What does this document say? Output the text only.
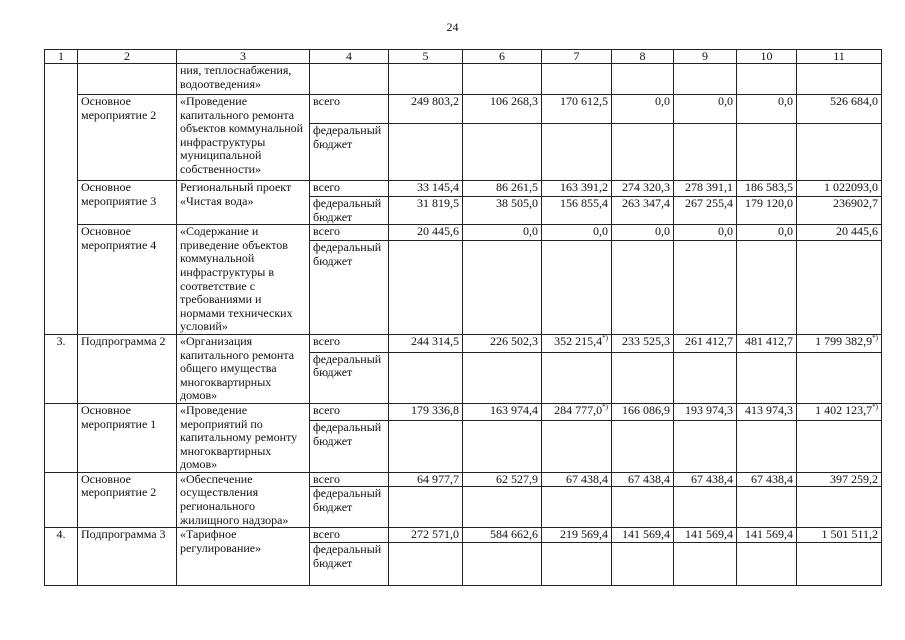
24
1	2	3	4	5	6	7	8	9	10	11
		ния, теплоснабжения, водоотведения»								
	Основное мероприятие 2	«Проведение капитального ремонта объектов коммунальной инфраструктуры муниципальной собственности»	всего	249 803,2	106 268,3	170 612,5	0,0	0,0	0,0	526 684,0
			федеральный бюджет							
	Основное мероприятие 3	Региональный проект «Чистая вода»	всего	33 145,4	86 261,5	163 391,2	274 320,3	278 391,1	186 583,5	1 022093,0
			федеральный бюджет	31 819,5	38 505,0	156 855,4	263 347,4	267 255,4	179 120,0	236902,7
	Основное мероприятие 4	«Содержание и приведение объектов коммунальной инфраструктуры в соответствие с требованиями и нормами технических условий»	всего	20 445,6	0,0	0,0	0,0	0,0	0,0	20 445,6
			федеральный бюджет							
3.	Подпрограмма 2	«Организация капитального ремонта общего имущества многоквартирных домов»	всего	244 314,5	226 502,3	352 215,4*)	233 525,3	261 412,7	481 412,7	1 799 382,9*)
			федеральный бюджет							
	Основное мероприятие 1	«Проведение мероприятий по капитальному ремонту многоквартирных домов»	всего	179 336,8	163 974,4	284 777,0*)	166 086,9	193 974,3	413 974,3	1 402 123,7*)
			федеральный бюджет							
	Основное мероприятие 2	«Обеспечение осуществления регионального жилищного надзора»	всего	64 977,7	62 527,9	67 438,4	67 438,4	67 438,4	67 438,4	397 259,2
			федеральный бюджет							
4.	Подпрограмма 3	«Тарифное регулирование»	всего	272 571,0	584 662,6	219 569,4	141 569,4	141 569,4	141 569,4	1 501 511,2
			федеральный бюджет							
